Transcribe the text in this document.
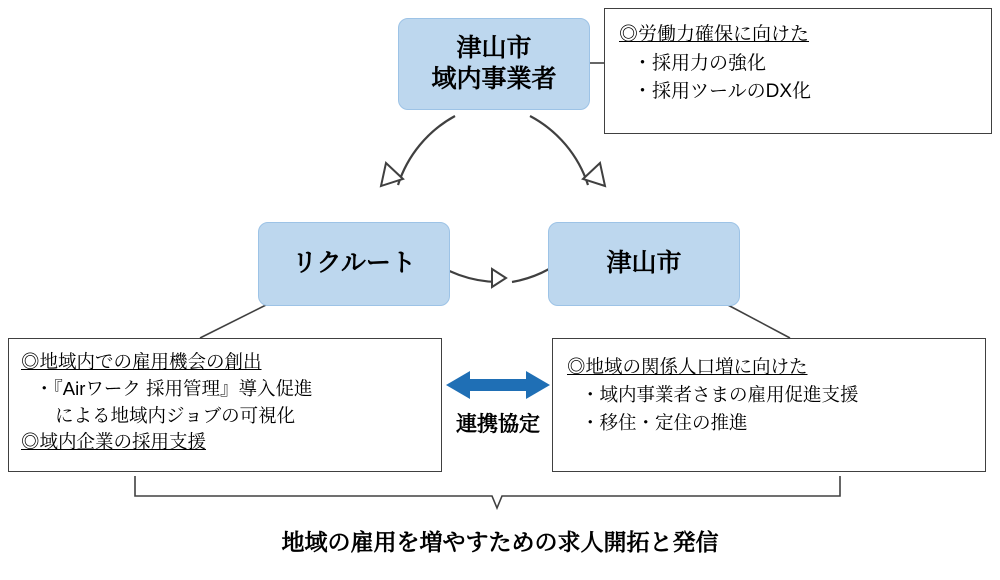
津山市
域内事業者
リクルート	津山市
◎労働力確保に向けた
・採用力の強化
・採用ツールのDX化
◎地域内での雇用機会の創出
・『Airワーク 採用管理』導入促進
による地域内ジョブの可視化
◎域内企業の採用支援
◎地域の関係人口増に向けた
・域内事業者さまの雇用促進支援
・移住・定住の推進
連携協定
地域の雇用を増やすための求人開拓と発信
